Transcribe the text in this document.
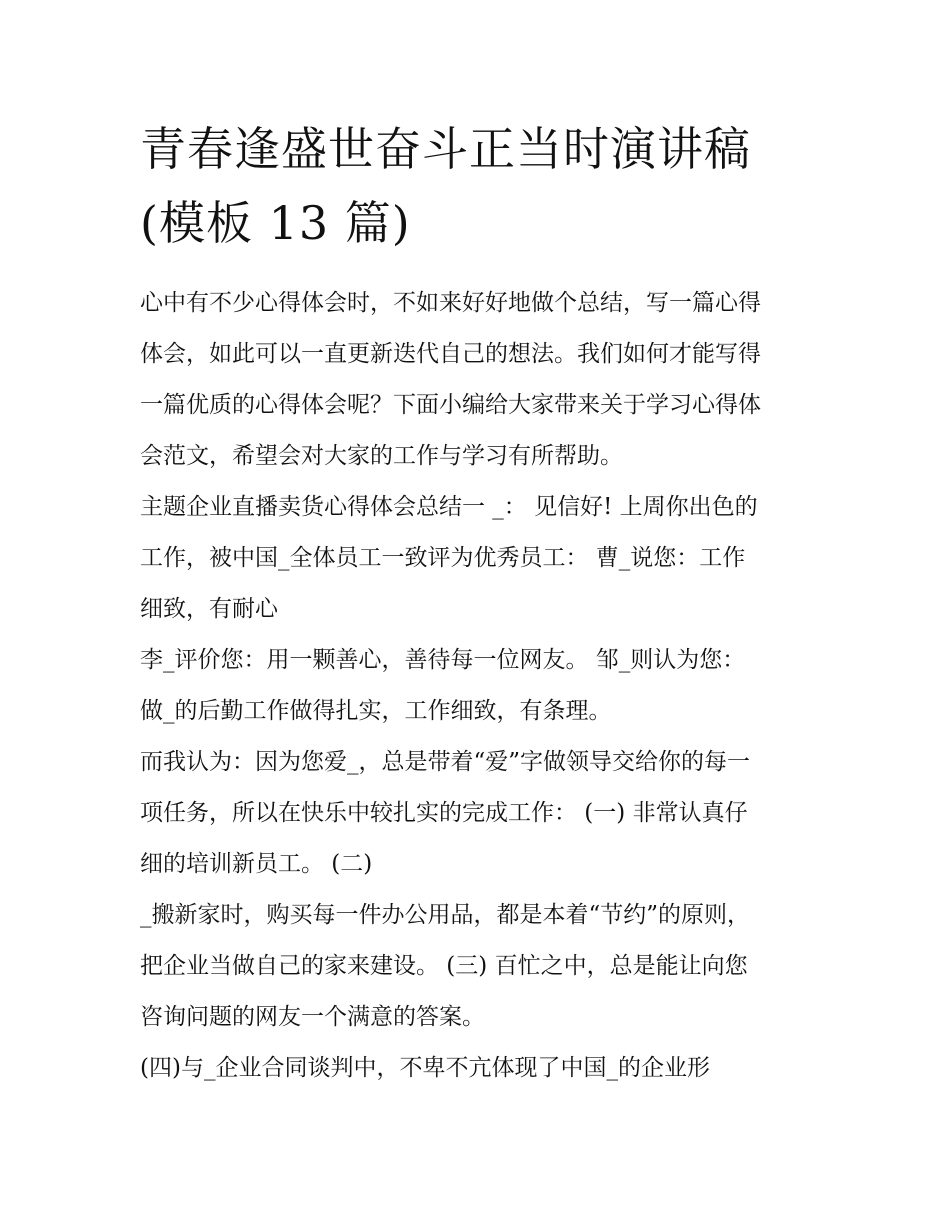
青春逢盛世奋斗正当时演讲稿
(模板 13 篇)

心中有不少心得体会时，不如来好好地做个总结，写一篇心得
体会，如此可以一直更新迭代自己的想法。我们如何才能写得
一篇优质的心得体会呢？下面小编给大家带来关于学习心得体
会范文，希望会对大家的工作与学习有所帮助。

主题企业直播卖货心得体会总结一 _： 见信好! 上周你出色的
工作，被中国_全体员工一致评为优秀员工： 曹_说您：工作
细致，有耐心

李_评价您：用一颗善心，善待每一位网友。 邹_则认为您：
做_的后勤工作做得扎实，工作细致，有条理。

而我认为：因为您爱_，总是带着“爱”字做领导交给你的每一
项任务，所以在快乐中较扎实的完成工作： (一) 非常认真仔
细的培训新员工。 (二)

_搬新家时，购买每一件办公用品，都是本着“节约”的原则，
把企业当做自己的家来建设。 (三) 百忙之中，总是能让向您
咨询问题的网友一个满意的答案。

(四)与_企业合同谈判中，不卑不亢体现了中国_的企业形
